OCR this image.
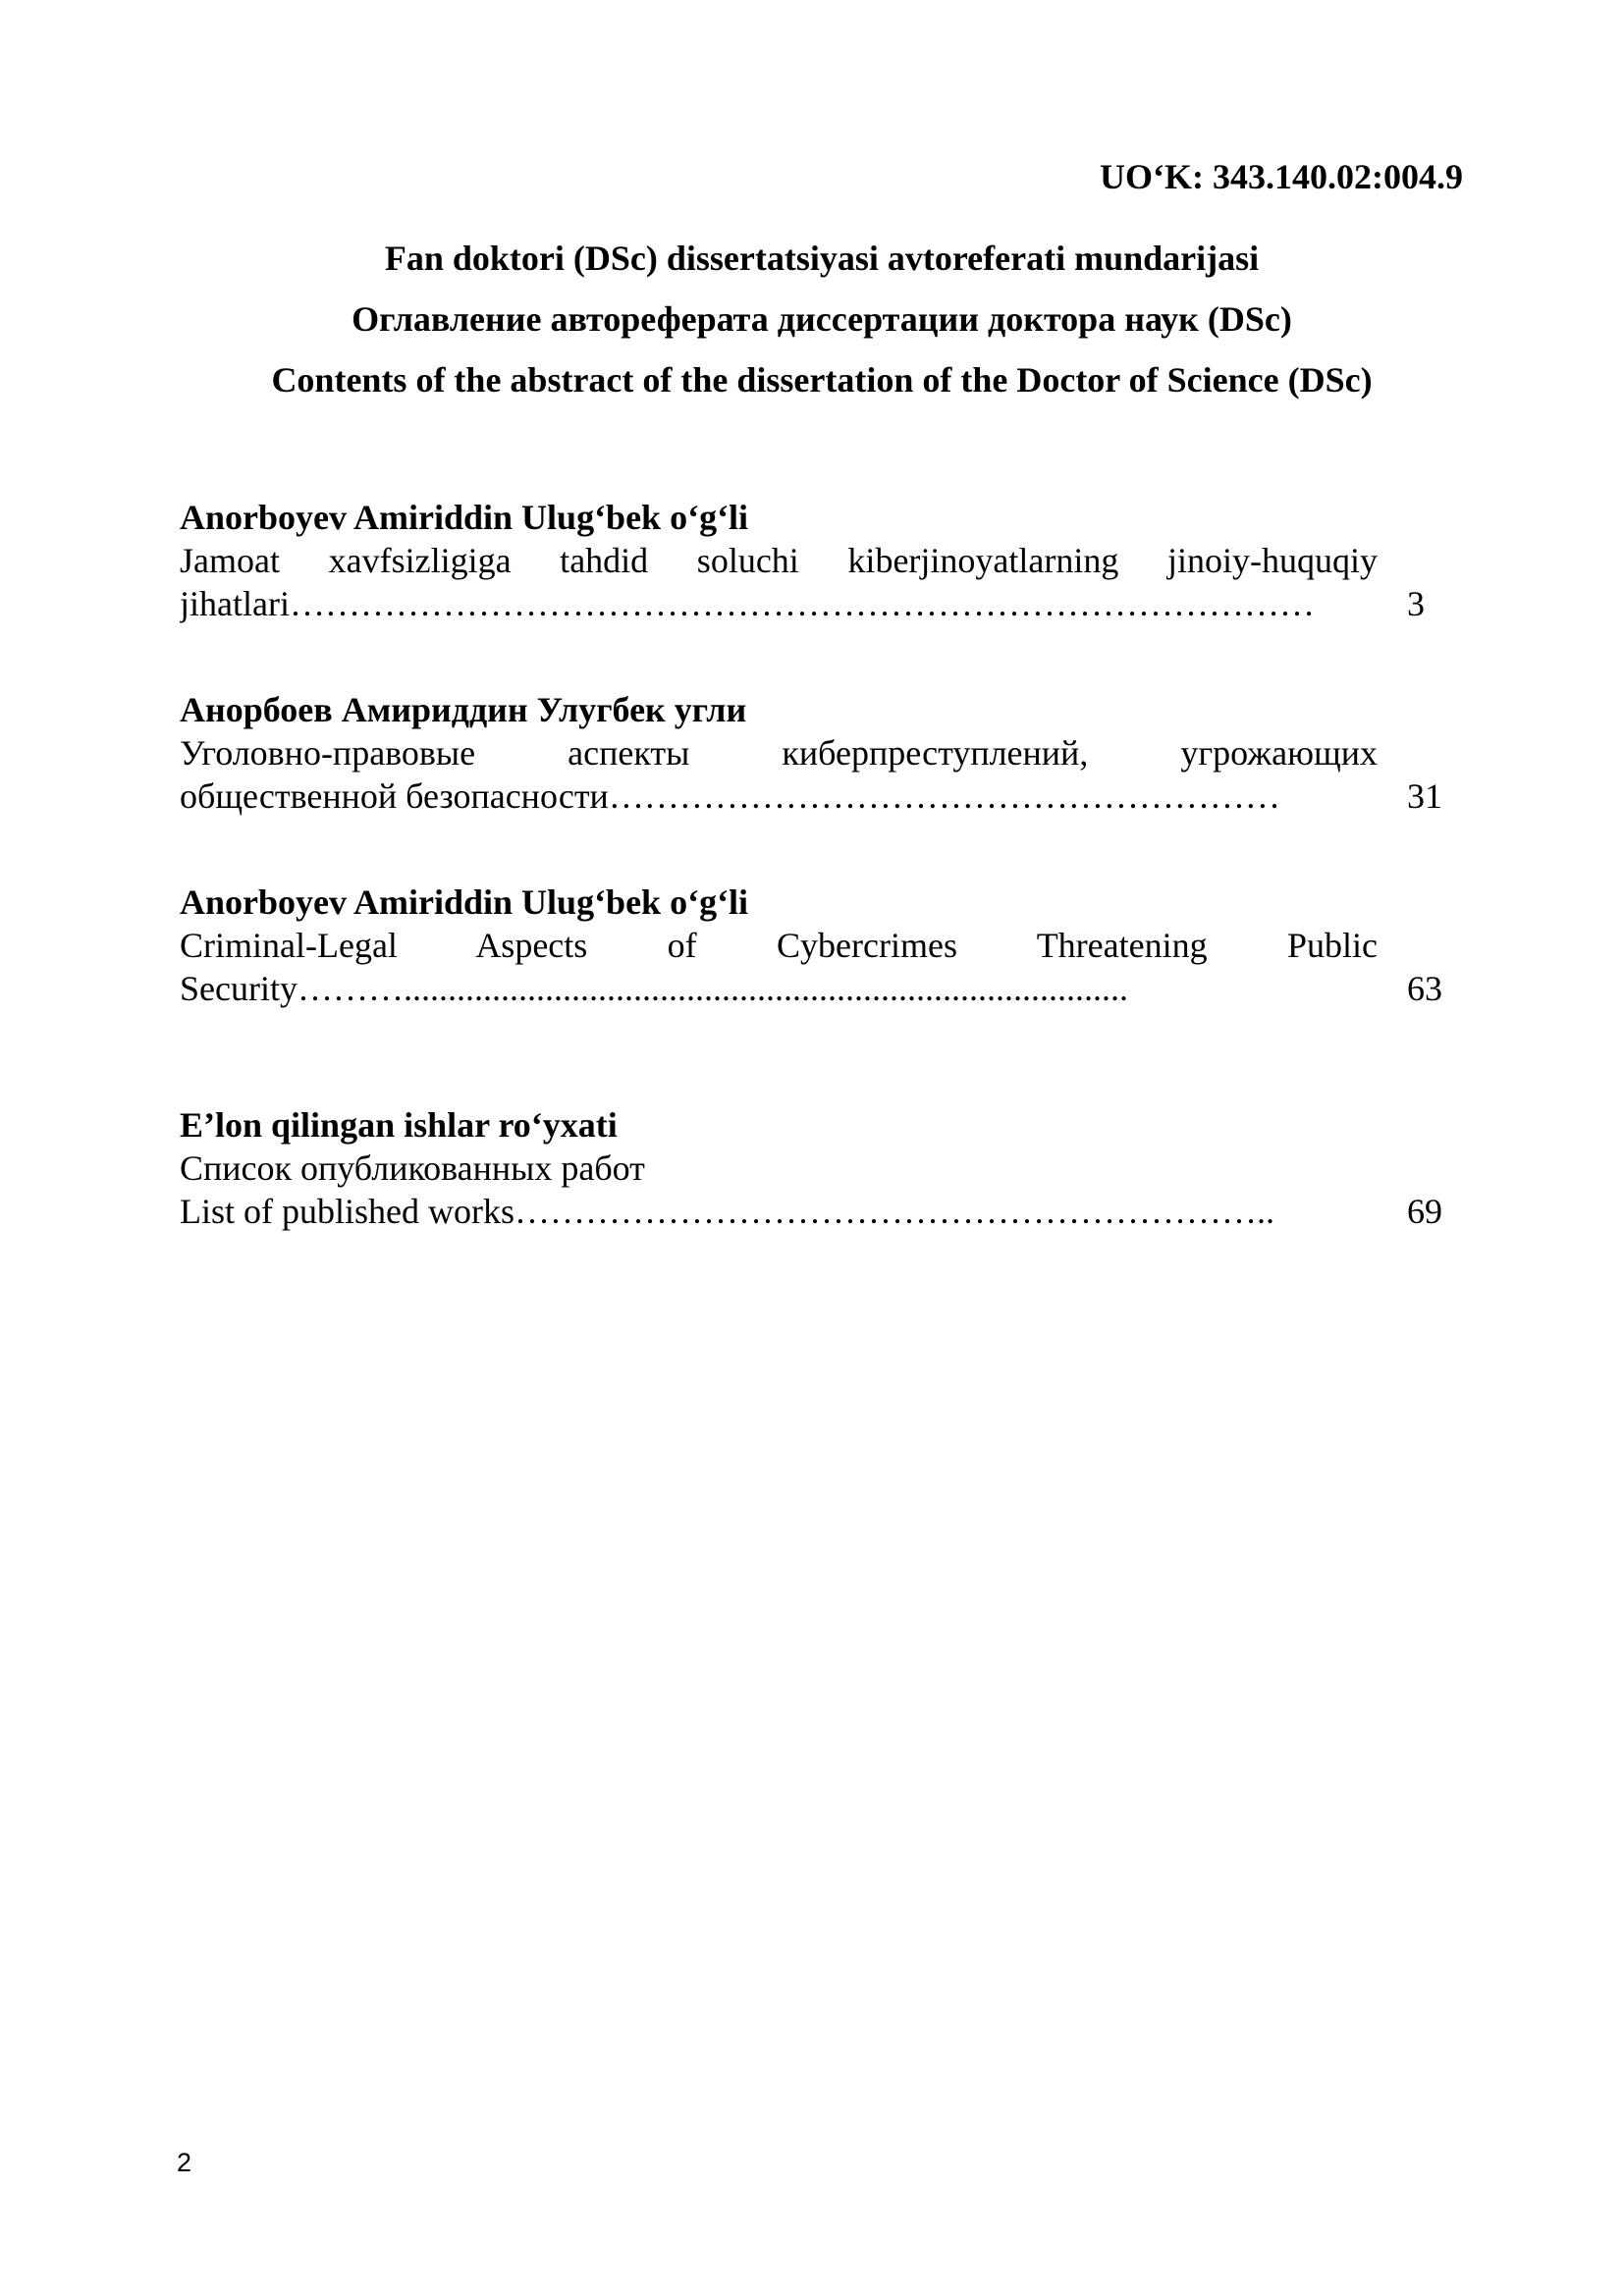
UO‘K: 343.140.02:004.9
Fan doktori (DSc) dissertatsiyasi avtoreferati mundarijasi
Оглавление автореферата диссертации доктора наук (DSc)
Contents of the abstract of the dissertation of the Doctor of Science (DSc)
Anorboyev Amiriddin Ulug‘bek o‘g‘li
Jamoat xavfsizligiga tahdid soluchi kiberjinoyatlarning jinoiy-huquqiy
jihatlari……………………………………………………………………………	3
Анорбоев Амириддин Улугбек угли
Уголовно-правовые аспекты киберпреступлений, угрожающих
общественной безопасности…………………………………………………	31
Anorboyev Amiriddin Ulug‘bek o‘g‘li
Criminal-Legal Aspects of Cybercrimes Threatening Public
Security………..................................................................................	63
E’lon qilingan ishlar ro‘yxati
Список опубликованных работ
List of published works………………………………………………………..	69
2
